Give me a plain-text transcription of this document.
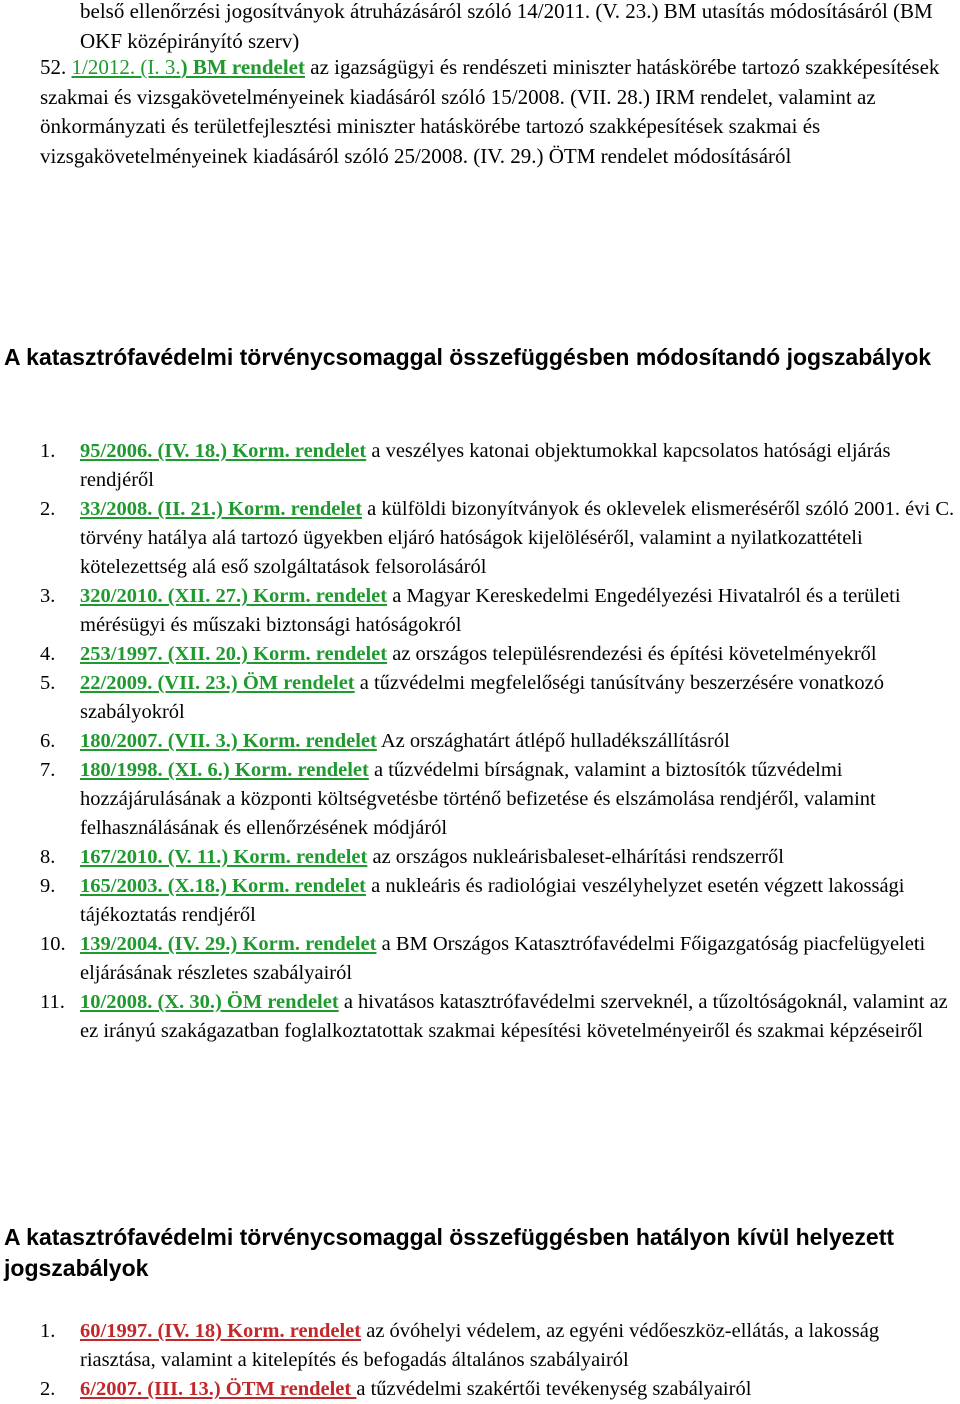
belső ellenőrzési jogosítványok átruházásáról szóló 14/2011. (V. 23.) BM utasítás módosításáról (BM OKF középirányító szerv)
52. 1/2012. (I. 3.) BM rendelet az igazságügyi és rendészeti miniszter hatáskörébe tartozó szakképesítések szakmai és vizsgakövetelményeinek kiadásáról szóló 15/2008. (VII. 28.) IRM rendelet, valamint az önkormányzati és területfejlesztési miniszter hatáskörébe tartozó szakképesítések szakmai és vizsgakövetelményeinek kiadásáról szóló 25/2008. (IV. 29.) ÖTM rendelet módosításáról
A katasztrófavédelmi törvénycsomaggal összefüggésben módosítandó jogszabályok
1. 95/2006. (IV. 18.) Korm. rendelet a veszélyes katonai objektumokkal kapcsolatos hatósági eljárás rendjéről
2. 33/2008. (II. 21.) Korm. rendelet a külföldi bizonyítványok és oklevelek elismeréséről szóló 2001. évi C. törvény hatálya alá tartozó ügyekben eljáró hatóságok kijelöléséről, valamint a nyilatkozattételi kötelezettség alá eső szolgáltatások felsorolásáról
3. 320/2010. (XII. 27.) Korm. rendelet a Magyar Kereskedelmi Engedélyezési Hivatalról és a területi mérésügyi és műszaki biztonsági hatóságokról
4. 253/1997. (XII. 20.) Korm. rendelet az országos településrendezési és építési követelményekről
5. 22/2009. (VII. 23.) ÖM rendelet a tűzvédelmi megfelelőségi tanúsítvány beszerzésére vonatkozó szabályokról
6. 180/2007. (VII. 3.) Korm. rendelet Az országhatárt átlépő hulladékszállításról
7. 180/1998. (XI. 6.) Korm. rendelet a tűzvédelmi bírságnak, valamint a biztosítók tűzvédelmi hozzájárulásának a központi költségvetésbe történő befizetése és elszámolása rendjéről, valamint felhasználásának és ellenőrzésének módjáról
8. 167/2010. (V. 11.) Korm. rendelet az országos nukleárisbaleset-elhárítási rendszerről
9. 165/2003. (X.18.) Korm. rendelet a nukleáris és radiológiai veszélyhelyzet esetén végzett lakossági tájékoztatás rendjéről
10. 139/2004. (IV. 29.) Korm. rendelet a BM Országos Katasztrófavédelmi Főigazgatóság piacfelügyeleti eljárásának részletes szabályairól
11. 10/2008. (X. 30.) ÖM rendelet a hivatásos katasztrófavédelmi szerveknél, a tűzoltóságoknál, valamint az ez irányú szakágazatban foglalkoztatottak szakmai képesítési követelményeiről és szakmai képzéseiről
A katasztrófavédelmi törvénycsomaggal összefüggésben hatályon kívül helyezett jogszabályok
1. 60/1997. (IV. 18) Korm. rendelet az óvóhelyi védelem, az egyéni védőeszköz-ellátás, a lakosság riasztása, valamint a kitelepítés és befogadás általános szabályairól
2. 6/2007. (III. 13.) ÖTM rendelet a tűzvédelmi szakértői tevékenység szabályairól
